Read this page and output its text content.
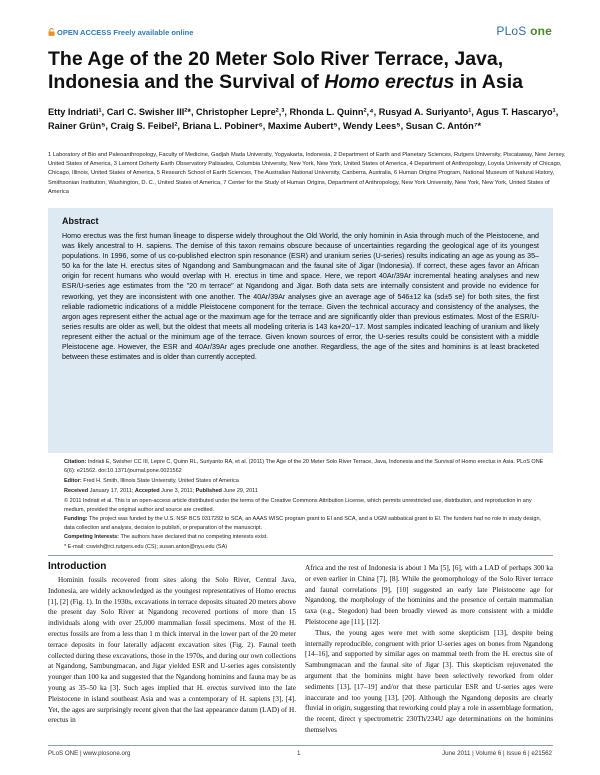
OPEN ACCESS Freely available online	PLoS one
The Age of the 20 Meter Solo River Terrace, Java, Indonesia and the Survival of Homo erectus in Asia
Etty Indriati¹, Carl C. Swisher III²*, Christopher Lepre²,³, Rhonda L. Quinn²,⁴, Rusyad A. Suriyanto¹, Agus T. Hascaryo¹, Rainer Grün⁵, Craig S. Feibel², Briana L. Pobiner⁶, Maxime Aubert⁵, Wendy Lees⁵, Susan C. Antón⁷*
1 Laboratory of Bio and Paleoanthropology, Faculty of Medicine, Gadjah Mada University, Yogyakarta, Indonesia, 2 Department of Earth and Planetary Sciences, Rutgers University, Piscataway, New Jersey, United States of America, 3 Lamont Doherty Earth Observatory Palisades, Columbia University, New York, New York, United States of America, 4 Department of Anthropology, Loyola University of Chicago, Chicago, Illinois, United States of America, 5 Research School of Earth Sciences, The Australian National University, Canberra, Australia, 6 Human Origins Program, National Museum of Natural History, Smithsonian Institution, Washington, D. C., United States of America, 7 Center for the Study of Human Origins, Department of Anthropology, New York University, New York, New York, United States of America
Abstract
Homo erectus was the first human lineage to disperse widely throughout the Old World, the only hominin in Asia through much of the Pleistocene, and was likely ancestral to H. sapiens. The demise of this taxon remains obscure because of uncertainties regarding the geological age of its youngest populations. In 1996, some of us co-published electron spin resonance (ESR) and uranium series (U-series) results indicating an age as young as 35–50 ka for the late H. erectus sites of Ngandong and Sambungmacan and the faunal site of Jigar (Indonesia). If correct, these ages favor an African origin for recent humans who would overlap with H. erectus in time and space. Here, we report 40Ar/39Ar incremental heating analyses and new ESR/U-series age estimates from the "20 m terrace" at Ngandong and Jigar. Both data sets are internally consistent and provide no evidence for reworking, yet they are inconsistent with one another. The 40Ar/39Ar analyses give an average age of 546±12 ka (sd±5 se) for both sites, the first reliable radiometric indications of a middle Pleistocene component for the terrace. Given the technical accuracy and consistency of the analyses, the argon ages represent either the actual age or the maximum age for the terrace and are significantly older than previous estimates. Most of the ESR/U-series results are older as well, but the oldest that meets all modeling criteria is 143 ka+20/−17. Most samples indicated leaching of uranium and likely represent either the actual or the minimum age of the terrace. Given known sources of error, the U-series results could be consistent with a middle Pleistocene age. However, the ESR and 40Ar/39Ar ages preclude one another. Regardless, the age of the sites and hominins is at least bracketed between these estimates and is older than currently accepted.
Citation: Indriati E, Swisher CC III, Lepre C, Quinn RL, Suriyanto RA, et al. (2011) The Age of the 20 Meter Solo River Terrace, Java, Indonesia and the Survival of Homo erectus in Asia. PLoS ONE 6(6): e21562. doi:10.1371/journal.pone.0021562
Editor: Fred H. Smith, Illinois State University, United States of America
Received January 17, 2011; Accepted June 3, 2011; Published June 29, 2011
© 2011 Indriati et al. This is an open-access article distributed under the terms of the Creative Commons Attribution License, which permits unrestricted use, distribution, and reproduction in any medium, provided the original author and source are credited.
Funding: The project was funded by the U.S. NSF BCS 0317292 to SCA, an AAAS WISC program grant to EI and SCA, and a UGM sabbatical grant to EI. The funders had no role in study design, data collection and analysis, decision to publish, or preparation of the manuscript.
Competing Interests: The authors have declared that no competing interests exist.
* E-mail: cswish@rci.rutgers.edu (CS); susan.anton@nyu.edu (SA)
Introduction

Hominin fossils recovered from sites along the Solo River, Central Java, Indonesia, are widely acknowledged as the youngest representatives of Homo erectus [1], [2] (Fig. 1). In the 1930s, excavations in terrace deposits situated 20 meters above the present day Solo River at Ngandong recovered portions of more than 15 individuals along with over 25,000 mammalian fossil specimens. Most of the H. erectus fossils are from a less than 1 m thick interval in the lower part of the 20 meter terrace deposits in four laterally adjacent excavation sites (Fig. 2). Faunal teeth collected during these excavations, those in the 1970s, and during our own collections at Ngandong, Sambungmacan, and Jigar yielded ESR and U-series ages consistently younger than 100 ka and suggested that the Ngandong hominins and fauna may be as young as 35–50 ka [3]. Such ages implied that H. erectus survived into the late Pleistocene in island southeast Asia and was a contemporary of H. sapiens [3], [4]. Yet, the ages are surprisingly recent given that the last appearance datum (LAD) of H. erectus in

Africa and the rest of Indonesia is about 1 Ma [5], [6], with a LAD of perhaps 300 ka or even earlier in China [7], [8]. While the geomorphology of the Solo River terrace and faunal correlations [9], [10] suggested an early late Pleistocene age for Ngandong, the morphology of the hominins and the presence of certain mammalian taxa (e.g., Stegodon) had been broadly viewed as more consistent with a middle Pleistocene age [11], [12].

Thus, the young ages were met with some skepticism [13], despite being internally reproducible, congruent with prior U-series ages on bones from Ngandong [14–16], and supported by similar ages on mammal teeth from the H. erectus site of Sambungmacan and the faunal site of Jigar [3]. This skepticism rejuvenated the argument that the hominins might have been selectively reworked from older sediments [13], [17–19] and/or that these particular ESR and U-series ages were inaccurate and too young [13], [20]. Although the Ngandong deposits are clearly fluvial in origin, suggesting that reworking could play a role in assemblage formation, the recent, direct γ spectrometric 230Th/234U age determinations on the hominins themselves

PLoS ONE | www.plosone.org	1	June 2011 | Volume 6 | Issue 6 | e21562
